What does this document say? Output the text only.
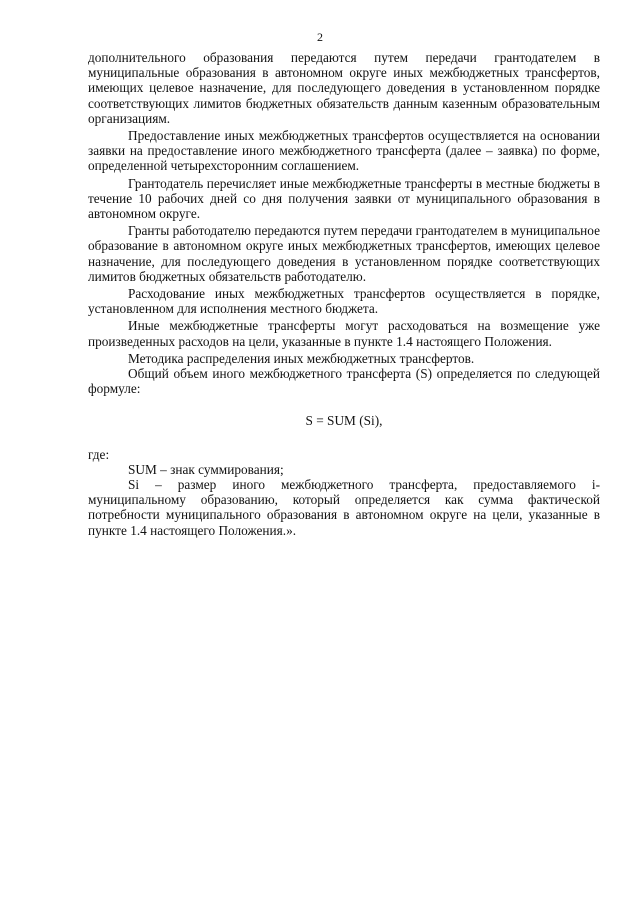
2

дополнительного образования передаются путем передачи грантодателем в муниципальные образования в автономном округе иных межбюджетных трансфертов, имеющих целевое назначение, для последующего доведения в установленном порядке соответствующих лимитов бюджетных обязательств данным казенным образовательным организациям.

Предоставление иных межбюджетных трансфертов осуществляется на основании заявки на предоставление иного межбюджетного трансферта (далее – заявка) по форме, определенной четырехсторонним соглашением.

Грантодатель перечисляет иные межбюджетные трансферты в местные бюджеты в течение 10 рабочих дней со дня получения заявки от муниципального образования в автономном округе.

Гранты работодателю передаются путем передачи грантодателем в муниципальное образование в автономном округе иных межбюджетных трансфертов, имеющих целевое назначение, для последующего доведения в установленном порядке соответствующих лимитов бюджетных обязательств работодателю.

Расходование иных межбюджетных трансфертов осуществляется в порядке, установленном для исполнения местного бюджета.

Иные межбюджетные трансферты могут расходоваться на возмещение уже произведенных расходов на цели, указанные в пункте 1.4 настоящего Положения.

Методика распределения иных межбюджетных трансфертов.

Общий объем иного межбюджетного трансферта (S) определяется по следующей формуле:

S = SUM (Si),

где:

SUM – знак суммирования;

Si – размер иного межбюджетного трансферта, предоставляемого i-муниципальному образованию, который определяется как сумма фактической потребности муниципального образования в автономном округе на цели, указанные в пункте 1.4 настоящего Положения.».
